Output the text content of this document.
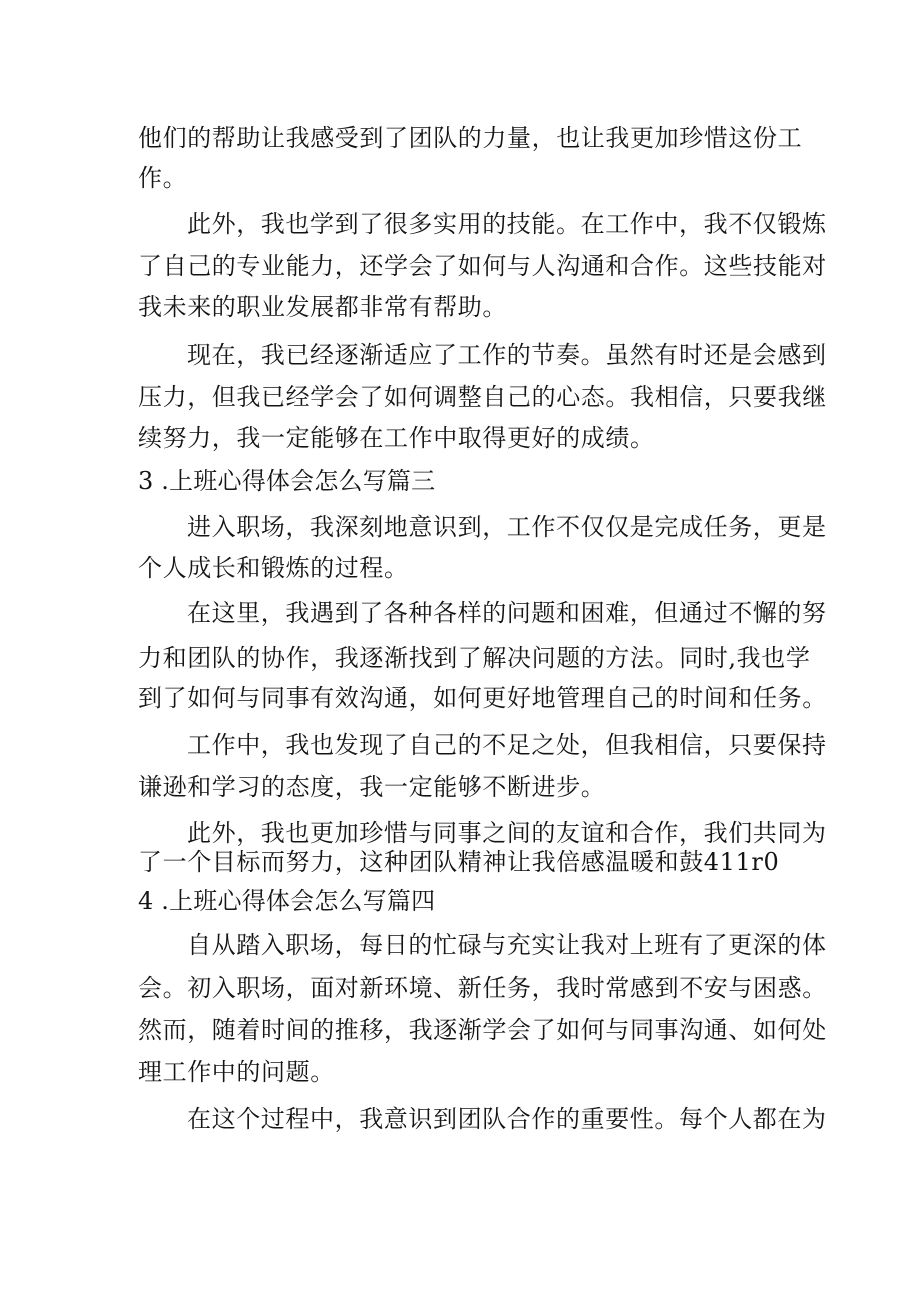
他们的帮助让我感受到了团队的力量，也让我更加珍惜这份工
作。
此外，我也学到了很多实用的技能。在工作中，我不仅锻炼
了自己的专业能力，还学会了如何与人沟通和合作。这些技能对
我未来的职业发展都非常有帮助。
现在，我已经逐渐适应了工作的节奏。虽然有时还是会感到
压力，但我已经学会了如何调整自己的心态。我相信，只要我继
续努力，我一定能够在工作中取得更好的成绩。
3 .上班心得体会怎么写篇三
进入职场，我深刻地意识到，工作不仅仅是完成任务，更是
个人成长和锻炼的过程。
在这里，我遇到了各种各样的问题和困难，但通过不懈的努
力和团队的协作，我逐渐找到了解决问题的方法。同时,我也学
到了如何与同事有效沟通，如何更好地管理自己的时间和任务。
工作中，我也发现了自己的不足之处，但我相信，只要保持
谦逊和学习的态度，我一定能够不断进步。
此外，我也更加珍惜与同事之间的友谊和合作，我们共同为
了一个目标而努力，这种团队精神让我倍感温暖和鼓411r0
4 .上班心得体会怎么写篇四
自从踏入职场，每日的忙碌与充实让我对上班有了更深的体
会。初入职场，面对新环境、新任务，我时常感到不安与困惑。
然而，随着时间的推移，我逐渐学会了如何与同事沟通、如何处
理工作中的问题。
在这个过程中，我意识到团队合作的重要性。每个人都在为
